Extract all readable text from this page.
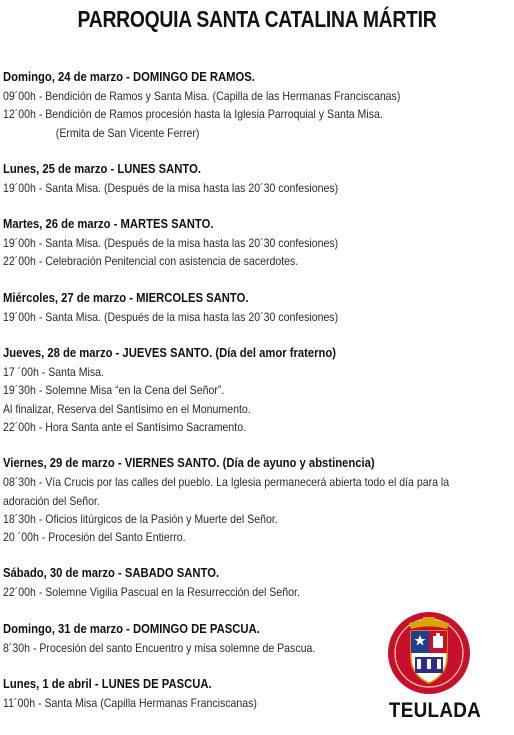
PARROQUIA SANTA CATALINA MÁRTIR
Domingo, 24 de marzo - DOMINGO DE RAMOS.
09´00h - Bendición de Ramos y Santa Misa. (Capilla de las Hermanas Franciscanas)
12´00h - Bendición de Ramos procesión hasta la Iglesia Parroquial y Santa Misa.
(Ermita de San Vicente Ferrer)
Lunes, 25 de marzo - LUNES SANTO.
19´00h - Santa Misa. (Después de la misa hasta las 20´30 confesiones)
Martes, 26 de marzo - MARTES SANTO.
19´00h - Santa Misa. (Después de la misa hasta las 20´30 confesiones)
22´00h - Celebración Penitencial con asistencia de sacerdotes.
Miércoles, 27 de marzo - MIERCOLES SANTO.
19´00h - Santa Misa. (Después de la misa hasta las 20´30 confesiones)
Jueves, 28 de marzo - JUEVES SANTO. (Día del amor fraterno)
17 ´00h - Santa Misa.
19´30h - Solemne Misa “en la Cena del Señor”.
Al finalizar, Reserva del Santísimo en el Monumento.
22´00h - Hora Santa ante el Santísimo Sacramento.
Viernes, 29 de marzo - VIERNES SANTO. (Día de ayuno y abstinencia)
08´30h - Vía Crucis por las calles del pueblo. La Iglesia permanecerá abierta todo el día para la
adoración del Señor.
18´30h - Oficios litúrgicos de la Pasión y Muerte del Señor.
20 ´00h - Procesión del Santo Entierro.
Sábado, 30 de marzo - SABADO SANTO.
22´00h - Solemne Vigilia Pascual en la Resurrección del Señor.
Domingo, 31 de marzo - DOMINGO DE PASCUA.
8´30h - Procesión del santo Encuentro y misa solemne de Pascua.
Lunes, 1 de abril - LUNES DE PASCUA.
11´00h - Santa Misa (Capilla Hermanas Franciscanas)	TEULADA
